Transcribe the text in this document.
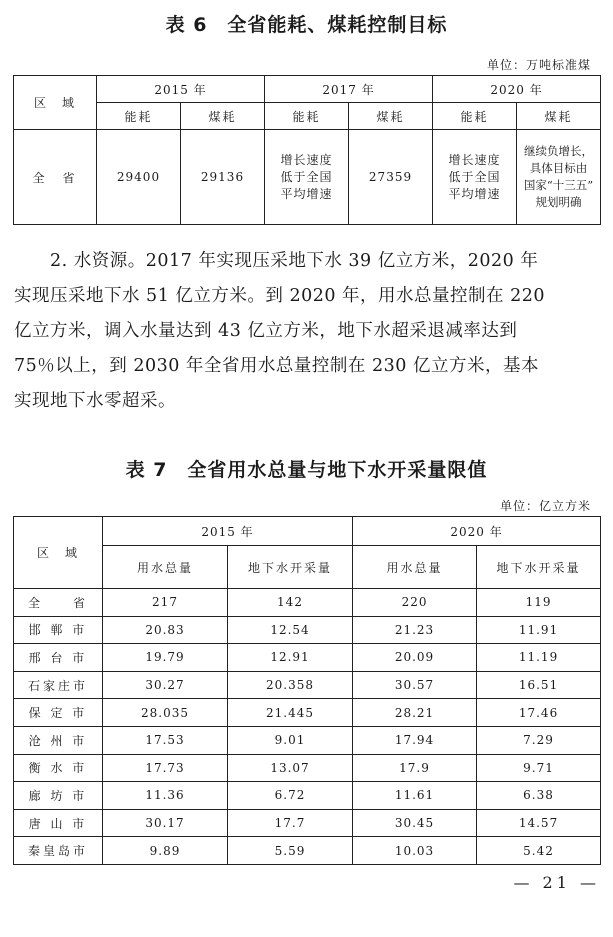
表 6　全省能耗、煤耗控制目标
单位：万吨标准煤
区　域	2015 年		2017 年		2020 年	
	能耗	煤耗	能耗	煤耗	能耗	煤耗
全　省	29400	29136	增长速度
低于全国
平均增速	27359	增长速度
低于全国
平均增速	继续负增长，
具体目标由
国家“十三五”
规划明确
2. 水资源。2017 年实现压采地下水 39 亿立方米，2020 年
实现压采地下水 51 亿立方米。到 2020 年，用水总量控制在 220
亿立方米，调入水量达到 43 亿立方米，地下水超采退减率达到
75％以上，到 2030 年全省用水总量控制在 230 亿立方米，基本
实现地下水零超采。
表 7　全省用水总量与地下水开采量限值
单位：亿立方米
区　域	2015 年		2020 年	
	用水总量	地下水开采量	用水总量	地下水开采量
全　　省	217	142	220	119
邯 郸 市	20.83	12.54	21.23	11.91
邢 台 市	19.79	12.91	20.09	11.19
石家庄市	30.27	20.358	30.57	16.51
保 定 市	28.035	21.445	28.21	17.46
沧 州 市	17.53	9.01	17.94	7.29
衡 水 市	17.73	13.07	17.9	9.71
廊 坊 市	11.36	6.72	11.61	6.38
唐 山 市	30.17	17.7	30.45	14.57
秦皇岛市	9.89	5.59	10.03	5.42
— 21 —
